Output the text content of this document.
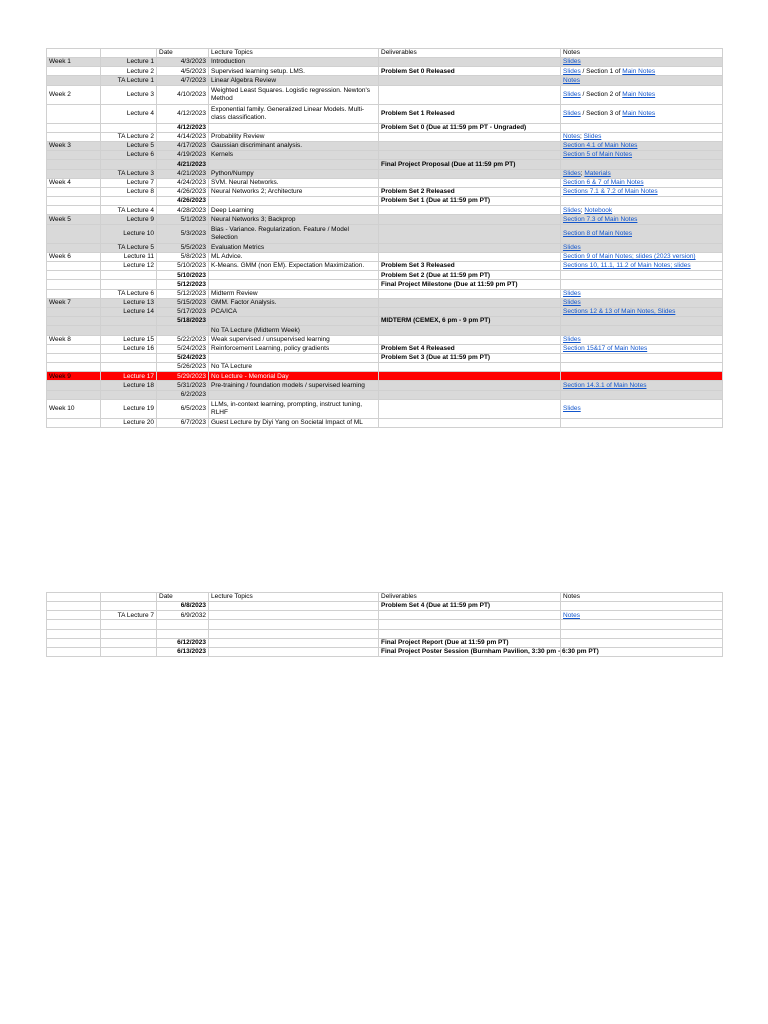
		Date	Lecture Topics	Deliverables	Notes
Week 1	Lecture 1	4/3/2023	Introduction		Slides
	Lecture 2	4/5/2023	Supervised learning setup. LMS.	Problem Set 0 Released	Slides / Section 1 of Main Notes
	TA Lecture 1	4/7/2023	Linear Algebra Review		Notes
Week 2	Lecture 3	4/10/2023	Weighted Least Squares. Logistic regression. Newton's Method		Slides / Section 2 of Main Notes
	Lecture 4	4/12/2023	Exponential family. Generalized Linear Models. Multi-class classification.	Problem Set 1 Released	Slides / Section 3 of Main Notes
		4/12/2023		Problem Set 0 (Due at 11:59 pm PT - Ungraded)	
	TA Lecture 2	4/14/2023	Probability Review		Notes; Slides
Week 3	Lecture 5	4/17/2023	Gaussian discriminant analysis.		Section 4.1 of Main Notes
	Lecture 6	4/19/2023	Kernels		Section 5 of Main Notes
		4/21/2023		Final Project Proposal (Due at 11:59 pm PT)	
	TA Lecture 3	4/21/2023	Python/Numpy		Slides; Materials
Week 4	Lecture 7	4/24/2023	SVM. Neural Networks.		Section 6 & 7 of Main Notes
	Lecture 8	4/26/2023	Neural Networks 2; Architecture	Problem Set 2 Released	Sections 7.1 & 7.2 of Main Notes
		4/26/2023		Problem Set 1 (Due at 11:59 pm PT)	
	TA Lecture 4	4/28/2023	Deep Learning		Slides; Notebook
Week 5	Lecture 9	5/1/2023	Neural Networks 3; Backprop		Section 7.3 of Main Notes
	Lecture 10	5/3/2023	Bias - Variance. Regularization. Feature / Model Selection		Section 8 of Main Notes
	TA Lecture 5	5/5/2023	Evaluation Metrics		Slides
Week 6	Lecture 11	5/8/2023	ML Advice.		Section 9 of Main Notes; slides (2023 version)
	Lecture 12	5/10/2023	K-Means. GMM (non EM). Expectation Maximization.	Problem Set 3 Released	Sections 10, 11.1, 11.2 of Main Notes; slides
		5/10/2023		Problem Set 2 (Due at 11:59 pm PT)	
		5/12/2023		Final Project Milestone (Due at 11:59 pm PT)	
	TA Lecture 6	5/12/2023	Midterm Review		Slides
Week 7	Lecture 13	5/15/2023	GMM. Factor Analysis.		Slides
	Lecture 14	5/17/2023	PCA/ICA		Sections 12 & 13 of Main Notes, Slides
		5/18/2023		MIDTERM (CEMEX, 6 pm - 9 pm PT)	
			No TA Lecture (Midterm Week)		
Week 8	Lecture 15	5/22/2023	Weak supervised / unsupervised learning		Slides
	Lecture 16	5/24/2023	Reinforcement Learning, policy gradients	Problem Set 4 Released	Section 15&17 of Main Notes
		5/24/2023		Problem Set 3 (Due at 11:59 pm PT)	
		5/26/2023	No TA Lecture		
Week 9	Lecture 17	5/29/2023	No Lecture - Memorial Day		
	Lecture 18	5/31/2023	Pre-training / foundation models / supervised learning		Section 14.3.1 of Main Notes
		6/2/2023			
Week 10	Lecture 19	6/5/2023	LLMs, in-context learning, prompting, instruct tuning, RLHF		Slides
	Lecture 20	6/7/2023	Guest Lecture by Diyi Yang on Societal Impact of ML		
		Date	Lecture Topics	Deliverables	Notes
		6/8/2023		Problem Set 4 (Due at 11:59 pm PT)	
	TA Lecture 7	6/9/2032			Notes

		6/12/2023		Final Project Report (Due at 11:59 pm PT)	
		6/13/2023		Final Project Poster Session (Burnham Pavilion, 3:30 pm - 6:30 pm PT)	
